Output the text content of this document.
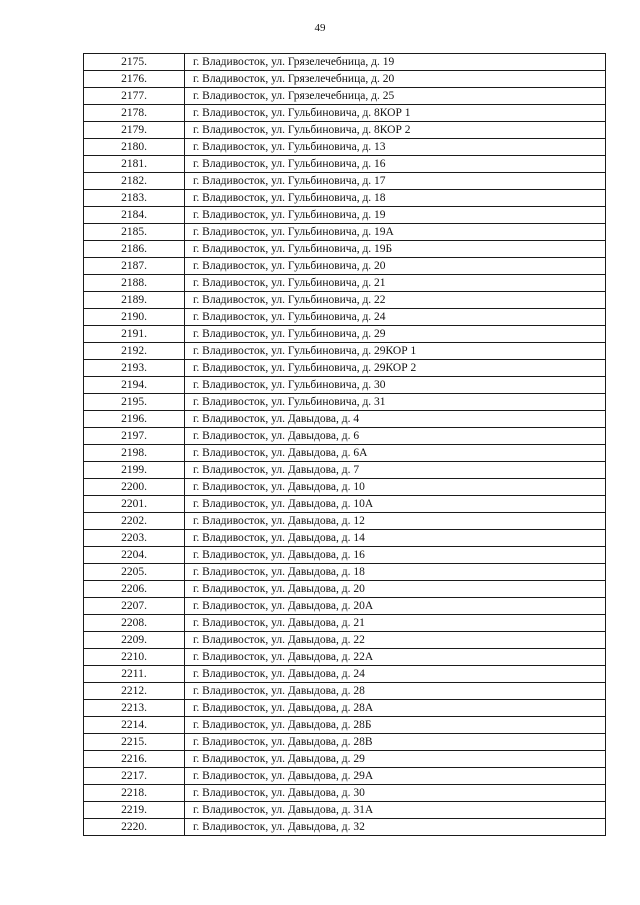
49
2175.	г. Владивосток, ул. Грязелечебница, д. 19
2176.	г. Владивосток, ул. Грязелечебница, д. 20
2177.	г. Владивосток, ул. Грязелечебница, д. 25
2178.	г. Владивосток, ул. Гульбиновича, д. 8КОР 1
2179.	г. Владивосток, ул. Гульбиновича, д. 8КОР 2
2180.	г. Владивосток, ул. Гульбиновича, д. 13
2181.	г. Владивосток, ул. Гульбиновича, д. 16
2182.	г. Владивосток, ул. Гульбиновича, д. 17
2183.	г. Владивосток, ул. Гульбиновича, д. 18
2184.	г. Владивосток, ул. Гульбиновича, д. 19
2185.	г. Владивосток, ул. Гульбиновича, д. 19А
2186.	г. Владивосток, ул. Гульбиновича, д. 19Б
2187.	г. Владивосток, ул. Гульбиновича, д. 20
2188.	г. Владивосток, ул. Гульбиновича, д. 21
2189.	г. Владивосток, ул. Гульбиновича, д. 22
2190.	г. Владивосток, ул. Гульбиновича, д. 24
2191.	г. Владивосток, ул. Гульбиновича, д. 29
2192.	г. Владивосток, ул. Гульбиновича, д. 29КОР 1
2193.	г. Владивосток, ул. Гульбиновича, д. 29КОР 2
2194.	г. Владивосток, ул. Гульбиновича, д. 30
2195.	г. Владивосток, ул. Гульбиновича, д. 31
2196.	г. Владивосток, ул. Давыдова, д. 4
2197.	г. Владивосток, ул. Давыдова, д. 6
2198.	г. Владивосток, ул. Давыдова, д. 6А
2199.	г. Владивосток, ул. Давыдова, д. 7
2200.	г. Владивосток, ул. Давыдова, д. 10
2201.	г. Владивосток, ул. Давыдова, д. 10А
2202.	г. Владивосток, ул. Давыдова, д. 12
2203.	г. Владивосток, ул. Давыдова, д. 14
2204.	г. Владивосток, ул. Давыдова, д. 16
2205.	г. Владивосток, ул. Давыдова, д. 18
2206.	г. Владивосток, ул. Давыдова, д. 20
2207.	г. Владивосток, ул. Давыдова, д. 20А
2208.	г. Владивосток, ул. Давыдова, д. 21
2209.	г. Владивосток, ул. Давыдова, д. 22
2210.	г. Владивосток, ул. Давыдова, д. 22А
2211.	г. Владивосток, ул. Давыдова, д. 24
2212.	г. Владивосток, ул. Давыдова, д. 28
2213.	г. Владивосток, ул. Давыдова, д. 28А
2214.	г. Владивосток, ул. Давыдова, д. 28Б
2215.	г. Владивосток, ул. Давыдова, д. 28В
2216.	г. Владивосток, ул. Давыдова, д. 29
2217.	г. Владивосток, ул. Давыдова, д. 29А
2218.	г. Владивосток, ул. Давыдова, д. 30
2219.	г. Владивосток, ул. Давыдова, д. 31А
2220.	г. Владивосток, ул. Давыдова, д. 32
